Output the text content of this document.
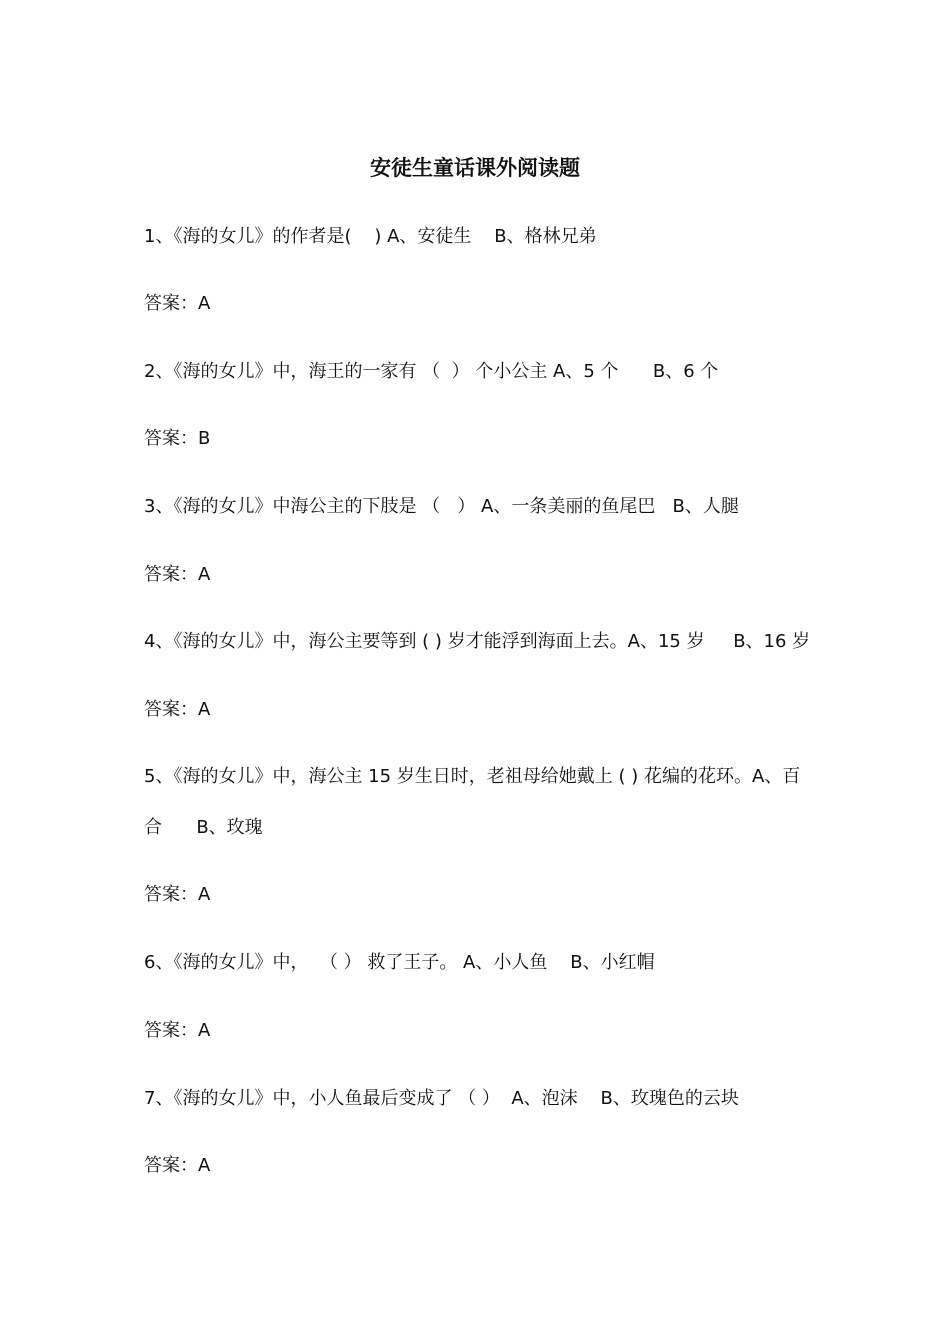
安徒生童话课外阅读题
1、《海的女儿》的作者是(    ) A、安徒生    B、格林兄弟
答案：A
2、《海的女儿》中，海王的一家有 （  ） 个小公主 A、5 个      B、6 个
答案：B
3、《海的女儿》中海公主的下肢是 （   ） A、一条美丽的鱼尾巴   B、人腿
答案：A
4、《海的女儿》中，海公主要等到 ( ) 岁才能浮到海面上去。A、15 岁     B、16 岁
答案：A
5、《海的女儿》中，海公主 15 岁生日时，老祖母给她戴上 ( ) 花编的花环。A、百
合      B、玫瑰
答案：A
6、《海的女儿》中，  （ ） 救了王子。 A、小人鱼    B、小红帽
答案：A
7、《海的女儿》中，小人鱼最后变成了 （ ）  A、泡沫    B、玫瑰色的云块
答案：A
